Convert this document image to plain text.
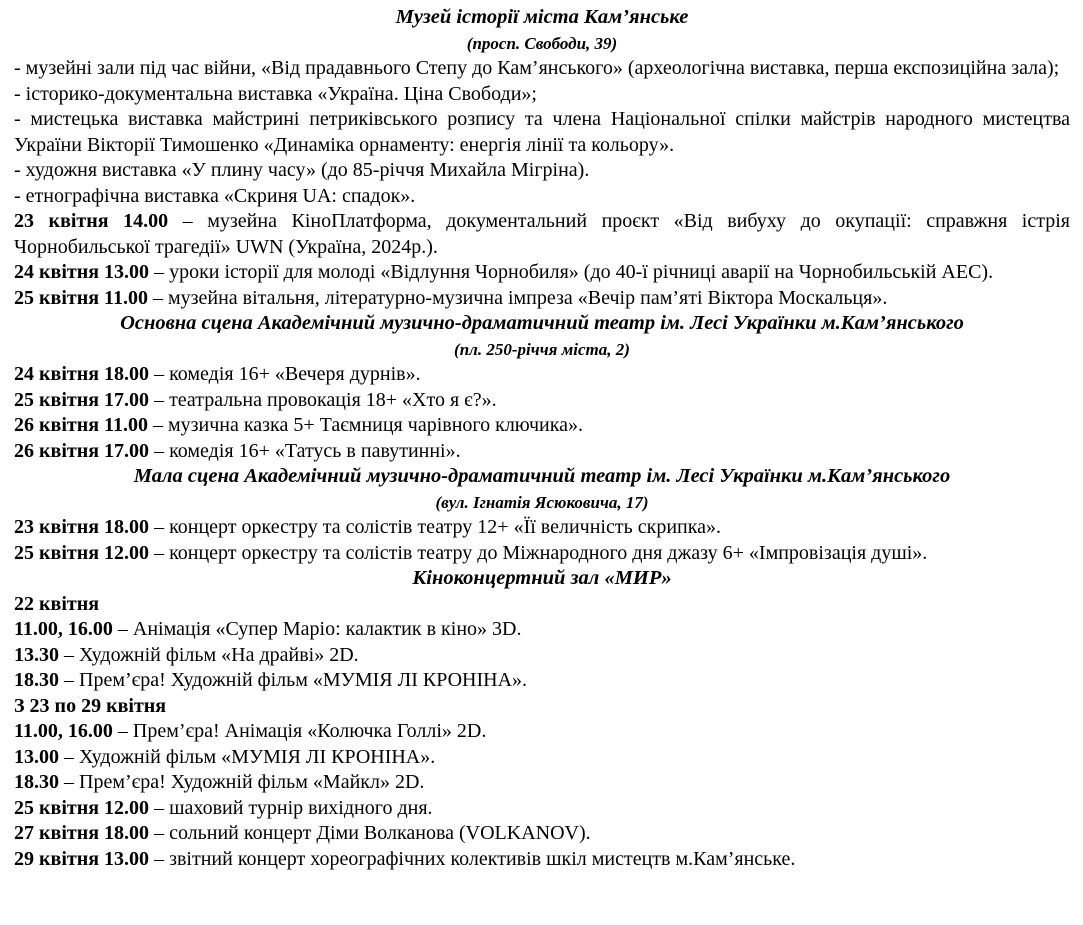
Музей історії міста Кам’янське
(просп. Свободи, 39)
- музейні зали під час війни, «Від прадавнього Степу до Кам’янського» (археологічна виставка, перша експозиційна зала);
- історико-документальна виставка «Україна. Ціна Свободи»;
- мистецька виставка майстрині петриківського розпису та члена Національної спілки майстрів народного мистецтва України Вікторії Тимошенко «Динаміка орнаменту: енергія лінії та кольору».
- художня виставка «У плину часу» (до 85-річчя Михайла Мігріна).
- етнографічна виставка «Скриня UA: спадок».
23 квітня 14.00 – музейна КіноПлатформа, документальний проєкт «Від вибуху до окупації: справжня істрія Чорнобильської трагедії» UWN (Україна, 2024р.).
24 квітня 13.00 – уроки історії для молоді «Відлуння Чорнобиля» (до 40-ї річниці аварії на Чорнобильській АЕС).
25 квітня 11.00 – музейна вітальня, літературно-музична імпреза «Вечір пам’яті Віктора Москальця».
Основна сцена Академічний музично-драматичний театр ім. Лесі Українки м.Кам’янського
(пл. 250-річчя міста, 2)
24 квітня 18.00 – комедія 16+ «Вечеря дурнів».
25 квітня 17.00 – театральна провокація 18+ «Хто я є?».
26 квітня 11.00 – музична казка 5+ Таємниця чарівного ключика».
26 квітня 17.00 – комедія 16+ «Татусь в павутинні».
Мала сцена Академічний музично-драматичний театр ім. Лесі Українки м.Кам’янського
(вул. Ігнатія Ясюковича, 17)
23 квітня 18.00 – концерт оркестру та солістів театру 12+ «Її величність скрипка».
25 квітня 12.00 – концерт оркестру та солістів театру до Міжнародного дня джазу 6+ «Імпровізація душі».
Кіноконцертний зал «МИР»
22 квітня
11.00, 16.00 – Анімація «Супер Маріо: калактик в кіно» 3D.
13.30 – Художній фільм «На драйві» 2D.
18.30 – Прем’єра! Художній фільм «МУМІЯ ЛІ КРОНІНА».
З 23 по 29 квітня
11.00, 16.00 – Прем’єра! Анімація «Колючка Голлі» 2D.
13.00 – Художній фільм «МУМІЯ ЛІ КРОНІНА».
18.30 – Прем’єра! Художній фільм «Майкл» 2D.
25 квітня 12.00 – шаховий турнір вихідного дня.
27 квітня 18.00 – сольний концерт Діми Волканова (VOLKANOV).
29 квітня 13.00 – звітний концерт хореографічних колективів шкіл мистецтв м.Кам’янське.
